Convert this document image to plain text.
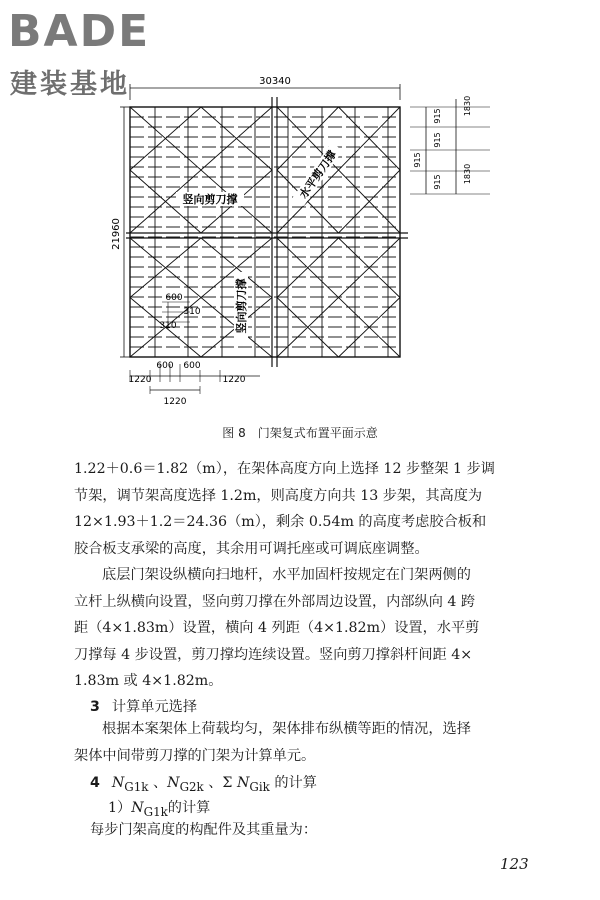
BADE
建装基地	30340
21960
915	1830
915
915
915	1830
600 600
1220	1220
1220
600
310
310
竖向剪刀撑
竖向剪刀撑
水平剪刀撑
图 8　门架复式布置平面示意
1.22＋0.6＝1.82（m），在架体高度方向上选择 12 步整架 1 步调
节架，调节架高度选择 1.2m，则高度方向共 13 步架，其高度为
12×1.93＋1.2＝24.36（m），剩余 0.54m 的高度考虑胶合板和
胶合板支承梁的高度，其余用可调托座或可调底座调整。
底层门架设纵横向扫地杆，水平加固杆按规定在门架两侧的
立杆上纵横向设置，竖向剪刀撑在外部周边设置，内部纵向 4 跨
距（4×1.83m）设置，横向 4 列距（4×1.82m）设置，水平剪
刀撑每 4 步设置，剪刀撑均连续设置。竖向剪刀撑斜杆间距 4×
1.83m 或 4×1.82m。
3 计算单元选择
根据本案架体上荷载均匀，架体排布纵横等距的情况，选择
架体中间带剪刀撑的门架为计算单元。
4 $N_{G1k}$ 、$N_{G2k}$ 、Σ $N_{Gik}$ 的计算
$1)N_{G1k}$的计算
每步门架高度的构配件及其重量为：
123
